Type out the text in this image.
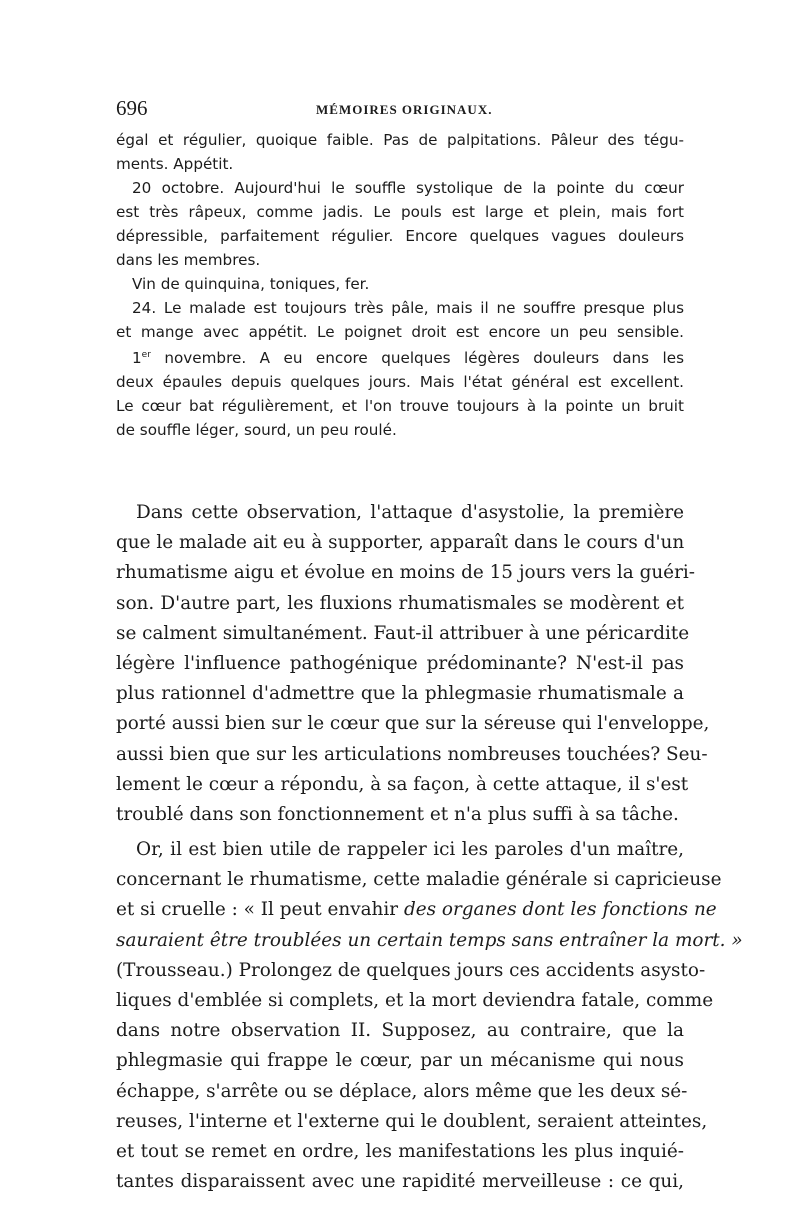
696	MÉMOIRES ORIGINAUX.
égal et régulier, quoique faible. Pas de palpitations. Pâleur des tégu-
ments. Appétit.
20 octobre. Aujourd'hui le souffle systolique de la pointe du cœur
est très râpeux, comme jadis. Le pouls est large et plein, mais fort
dépressible, parfaitement régulier. Encore quelques vagues douleurs
dans les membres.
Vin de quinquina, toniques, fer.
24. Le malade est toujours très pâle, mais il ne souffre presque plus
et mange avec appétit. Le poignet droit est encore un peu sensible.
1er novembre. A eu encore quelques légères douleurs dans les
deux épaules depuis quelques jours. Mais l'état général est excellent.
Le cœur bat régulièrement, et l'on trouve toujours à la pointe un bruit
de souffle léger, sourd, un peu roulé.
Dans cette observation, l'attaque d'asystolie, la première
que le malade ait eu à supporter, apparaît dans le cours d'un
rhumatisme aigu et évolue en moins de 15 jours vers la guéri-
son. D'autre part, les fluxions rhumatismales se modèrent et
se calment simultanément. Faut-il attribuer à une péricardite
légère l'influence pathogénique prédominante? N'est-il pas
plus rationnel d'admettre que la phlegmasie rhumatismale a
porté aussi bien sur le cœur que sur la séreuse qui l'enveloppe,
aussi bien que sur les articulations nombreuses touchées? Seu-
lement le cœur a répondu, à sa façon, à cette attaque, il s'est
troublé dans son fonctionnement et n'a plus suffi à sa tâche.
Or, il est bien utile de rappeler ici les paroles d'un maître,
concernant le rhumatisme, cette maladie générale si capricieuse
et si cruelle : « Il peut envahir des organes dont les fonctions ne
sauraient être troublées un certain temps sans entraîner la mort. »
(Trousseau.) Prolongez de quelques jours ces accidents asysto-
liques d'emblée si complets, et la mort deviendra fatale, comme
dans notre observation II. Supposez, au contraire, que la
phlegmasie qui frappe le cœur, par un mécanisme qui nous
échappe, s'arrête ou se déplace, alors même que les deux sé-
reuses, l'interne et l'externe qui le doublent, seraient atteintes,
et tout se remet en ordre, les manifestations les plus inquié-
tantes disparaissent avec une rapidité merveilleuse : ce qui,
